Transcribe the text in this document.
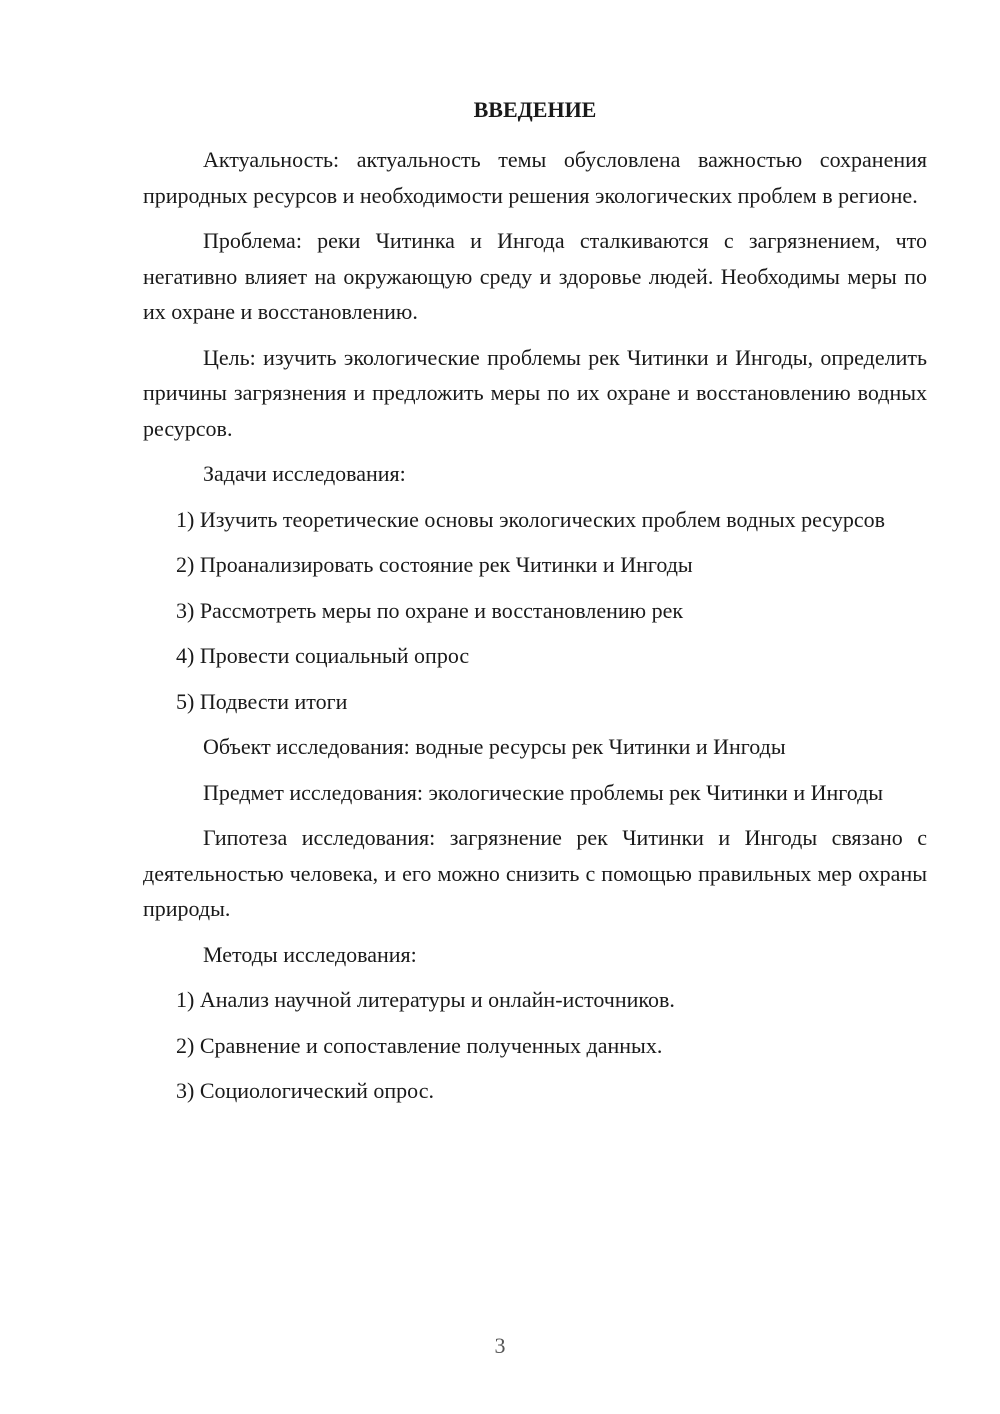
ВВЕДЕНИЕ

Актуальность: актуальность темы обусловлена важностью сохранения природных ресурсов и необходимости решения экологических проблем в регионе.

Проблема: реки Читинка и Ингода сталкиваются с загрязнением, что негативно влияет на окружающую среду и здоровье людей. Необходимы меры по их охране и восстановлению.

Цель: изучить экологические проблемы рек Читинки и Ингоды, определить причины загрязнения и предложить меры по их охране и восстановлению водных ресурсов.

Задачи исследования:

1) Изучить теоретические основы экологических проблем водных ресурсов

2) Проанализировать состояние рек Читинки и Ингоды

3) Рассмотреть меры по охране и восстановлению рек

4) Провести социальный опрос

5) Подвести итоги

Объект исследования: водные ресурсы рек Читинки и Ингоды

Предмет исследования: экологические проблемы рек Читинки и Ингоды

Гипотеза исследования: загрязнение рек Читинки и Ингоды связано с деятельностью человека, и его можно снизить с помощью правильных мер охраны природы.

Методы исследования:

1) Анализ научной литературы и онлайн-источников.

2) Сравнение и сопоставление полученных данных.

3) Социологический опрос.

3
